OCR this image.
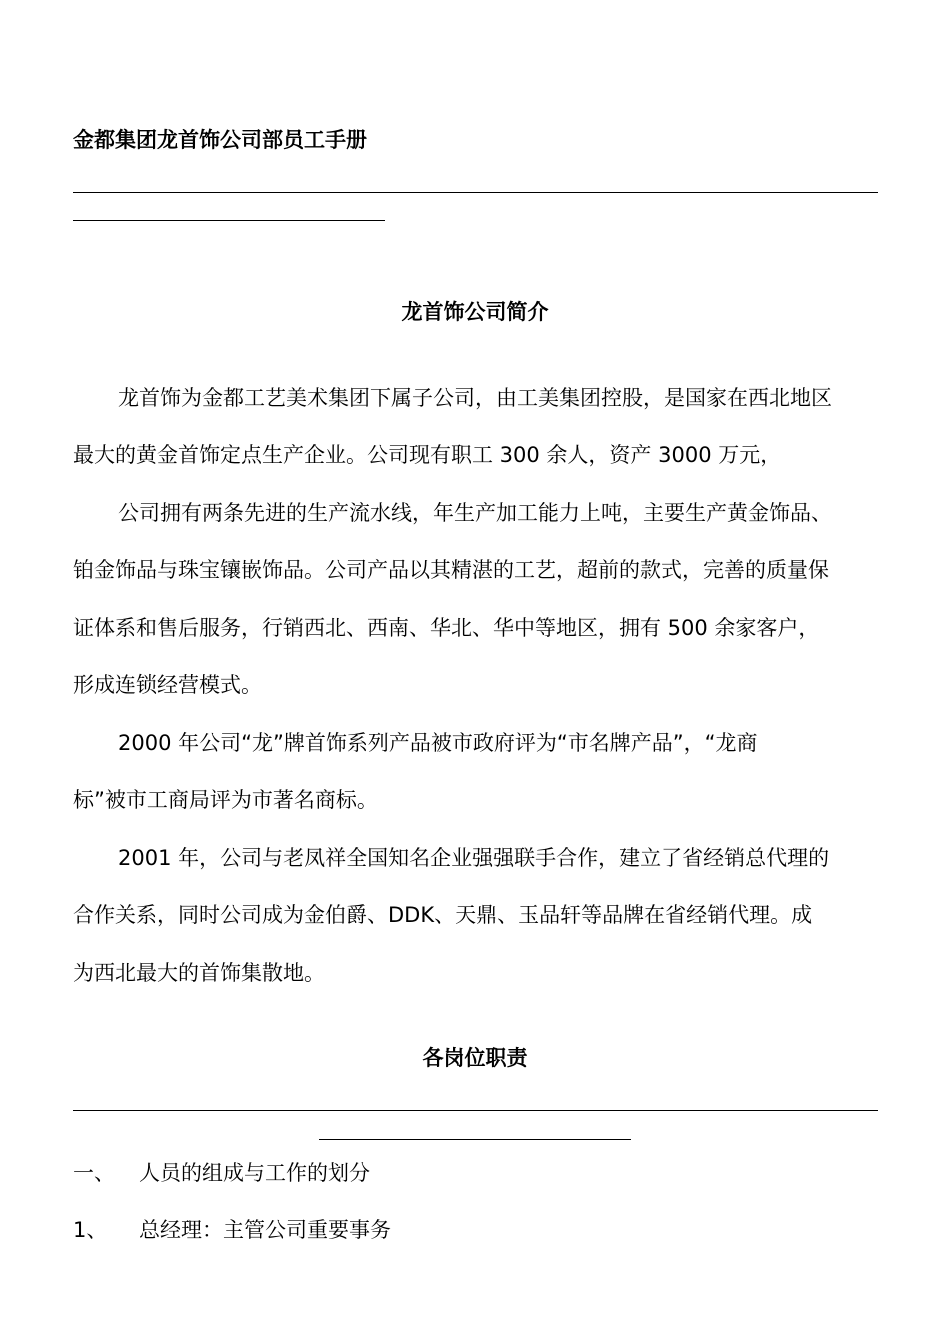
金都集团龙首饰公司部员工手册
龙首饰公司简介
龙首饰为金都工艺美术集团下属子公司，由工美集团控股，是国家在西北地区
最大的黄金首饰定点生产企业。公司现有职工 300 余人，资产 3000 万元，
公司拥有两条先进的生产流水线，年生产加工能力上吨，主要生产黄金饰品、
铂金饰品与珠宝镶嵌饰品。公司产品以其精湛的工艺，超前的款式，完善的质量保
证体系和售后服务，行销西北、西南、华北、华中等地区，拥有 500 余家客户，
形成连锁经营模式。
2000 年公司“龙”牌首饰系列产品被市政府评为“市名牌产品”，“龙商
标”被市工商局评为市著名商标。
2001 年，公司与老凤祥全国知名企业强强联手合作，建立了省经销总代理的
合作关系，同时公司成为金伯爵、DDK、天鼎、玉品轩等品牌在省经销代理。成
为西北最大的首饰集散地。
各岗位职责
一、 人员的组成与工作的划分
1、 总经理：主管公司重要事务
